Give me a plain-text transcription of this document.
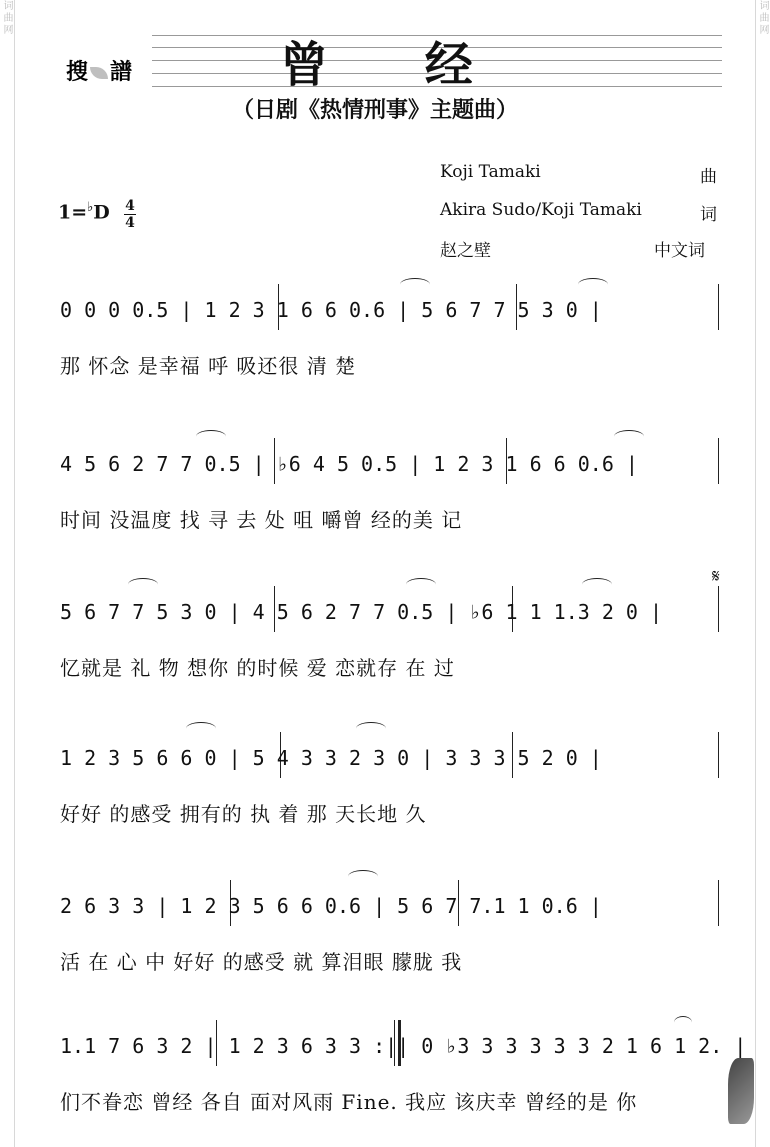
词曲网	词曲网
搜 譜	曾 经
（日剧《热情刑事》主题曲）
Koji Tamaki	曲
Akira Sudo/Koji Tamaki	词
赵之壁	中文词
1=♭D 4
4
0 0 0 0.5 | 1 2 3 1 6 6 0.6 | 5 6 7 7 5 3 0 |
那 怀念 是幸福 呼 吸还很 清 楚
4 5 6 2 7 7 0.5 | ♭6 4 5 0.5 | 1 2 3 1 6 6 0.6 |
时间 没温度 找 寻 去 处 咀 嚼曾 经的美 记
𝄋
5 6 7 7 5 3 0 | 4 5 6 2 7 7 0.5 | ♭6 1 1 1.3 2 0 |
忆就是 礼 物 想你 的时候 爱 恋就存 在 过
1 2 3 5 6 6 0 | 5 4 3 3 2 3 0 | 3 3 3 5 2 0 |
好好 的感受 拥有的 执 着 那 天长地 久
2 6 3 3 | 1 2 3 5 6 6 0.6 | 5 6 7 7.1 1 0.6 |
活 在 心 中 好好 的感受 就 算泪眼 朦胧 我
1.1 7 6 3 2 | 1 2 3 6 3 3 :|| 0 ♭3 3 3 3 3 3 2 1 6 1 2. |
们不眷恋 曾经 各自 面对风雨 Fine. 我应 该庆幸 曾经的是 你
